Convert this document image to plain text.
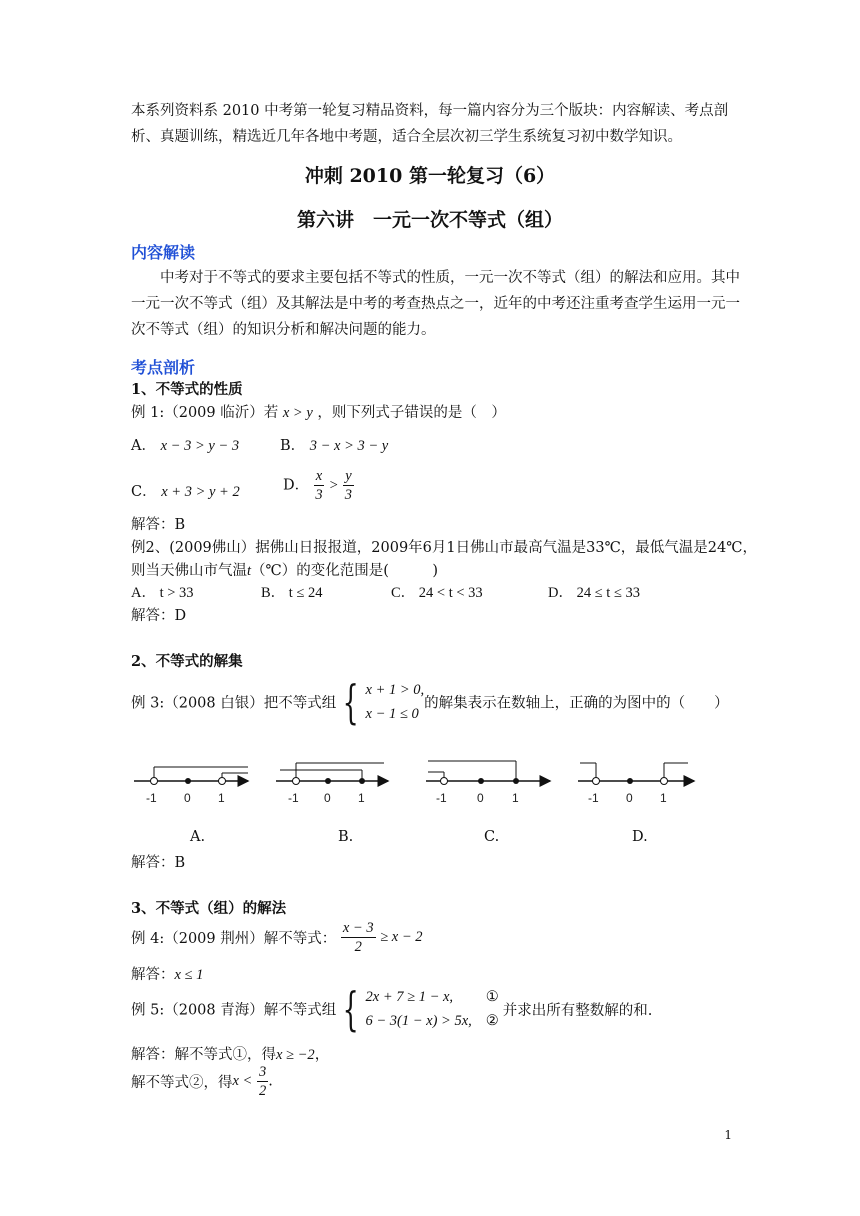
本系列资料系 2010 中考第一轮复习精品资料，每一篇内容分为三个版块：内容解读、考点剖析、真题训练，精选近几年各地中考题，适合全层次初三学生系统复习初中数学知识。
冲刺 2010 第一轮复习（6）
第六讲　一元一次不等式（组）
内容解读
中考对于不等式的要求主要包括不等式的性质，一元一次不等式（组）的解法和应用。其中一元一次不等式（组）及其解法是中考的考查热点之一，近年的中考还注重考查学生运用一元一次不等式（组）的知识分析和解决问题的能力。
考点剖析
1、不等式的性质
例 1:（2009 临沂）若 x > y ，则下列式子错误的是（　）
A． x − 3 > y − 3	B． 3 − x > 3 − y
C． x + 3 > y + 2	D． $\frac{x}{3} > \frac{y}{3}$
解答：B
例2、(2009佛山）据佛山日报报道，2009年6月1日佛山市最高气温是33℃，最低气温是24℃，
则当天佛山市气温t（℃）的变化范围是(　　　)
A． t > 33	B． t ≤ 24	C． 24 < t < 33	D． 24 ≤ t ≤ 33
解答：D
2、不等式的解集
例 3:（2008 白银）把不等式组 { x + 1 > 0,
x − 1 ≤ 0
的解集表示在数轴上，正确的为图中的（　　）
-1 0 1	-1 0 1	-1	0 1	-1 0 1
A.	B.	C.	D.
解答：B
3、不等式（组）的解法
例 4:（2009 荆州）解不等式： $\frac{x - 3}{2} \ge x - 2$
解答：x ≤ 1
例 5:（2008 青海）解不等式组 { 2x + 7 ≥ 1 − x,
6 − 3(1 − x) > 5x,
①
②
并求出所有整数解的和.
解答：解不等式①，得x ≥ −2，
解不等式②，得$x < \frac{3}{2}$ .
1
